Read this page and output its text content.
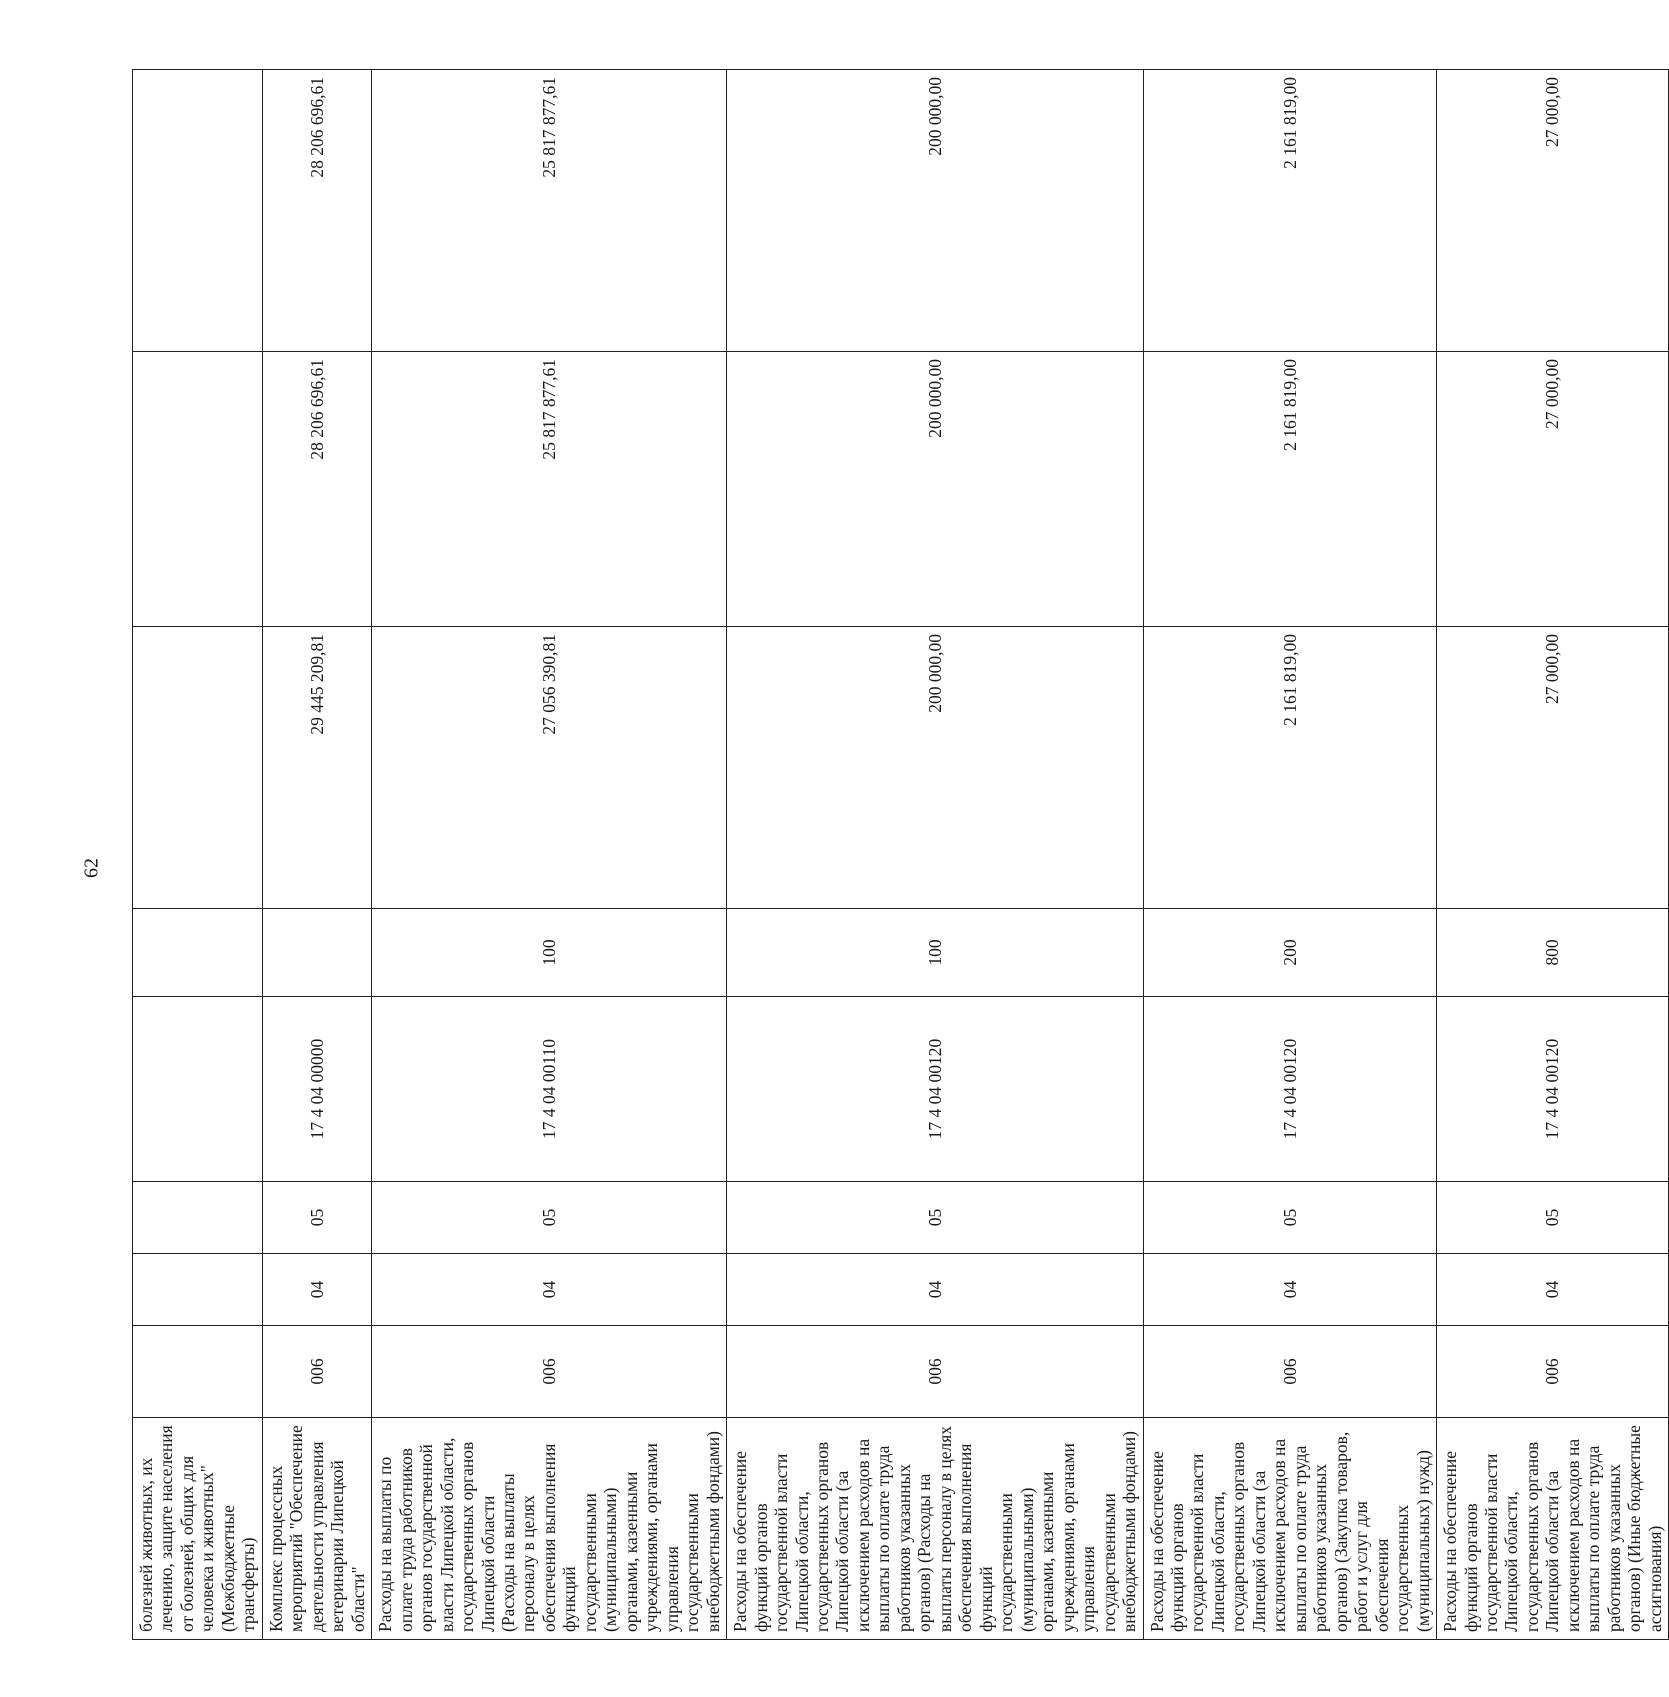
62
болезней животных, их лечению, защите населения от болезней, общих для человека и животных" (Межбюджетные трансферты)								
Комплекс процессных мероприятий "Обеспечение деятельности управления ветеринарии Липецкой области"	006	04	05	17 4 04 00000		29 445 209,81	28 206 696,61	28 206 696,61
Расходы на выплаты по оплате труда работников органов государственной власти Липецкой области, государственных органов Липецкой области (Расходы на выплаты персоналу в целях обеспечения выполнения функций государственными (муниципальными) органами, казенными учреждениями, органами управления государственными внебюджетными фондами)	006	04	05	17 4 04 00110	100	27 056 390,81	25 817 877,61	25 817 877,61
Расходы на обеспечение функций органов государственной власти Липецкой области, государственных органов Липецкой области (за исключением расходов на выплаты по оплате труда работников указанных органов) (Расходы на выплаты персоналу в целях обеспечения выполнения функций государственными (муниципальными) органами, казенными учреждениями, органами управления государственными внебюджетными фондами)	006	04	05	17 4 04 00120	100	200 000,00	200 000,00	200 000,00
Расходы на обеспечение функций органов государственной власти Липецкой области, государственных органов Липецкой области (за исключением расходов на выплаты по оплате труда работников указанных органов) (Закупка товаров, работ и услуг для обеспечения государственных (муниципальных) нужд)	006	04	05	17 4 04 00120	200	2 161 819,00	2 161 819,00	2 161 819,00
Расходы на обеспечение функций органов государственной власти Липецкой области, государственных органов Липецкой области (за исключением расходов на выплаты по оплате труда работников указанных органов) (Иные бюджетные ассигнования)	006	04	05	17 4 04 00120	800	27 000,00	27 000,00	27 000,00
